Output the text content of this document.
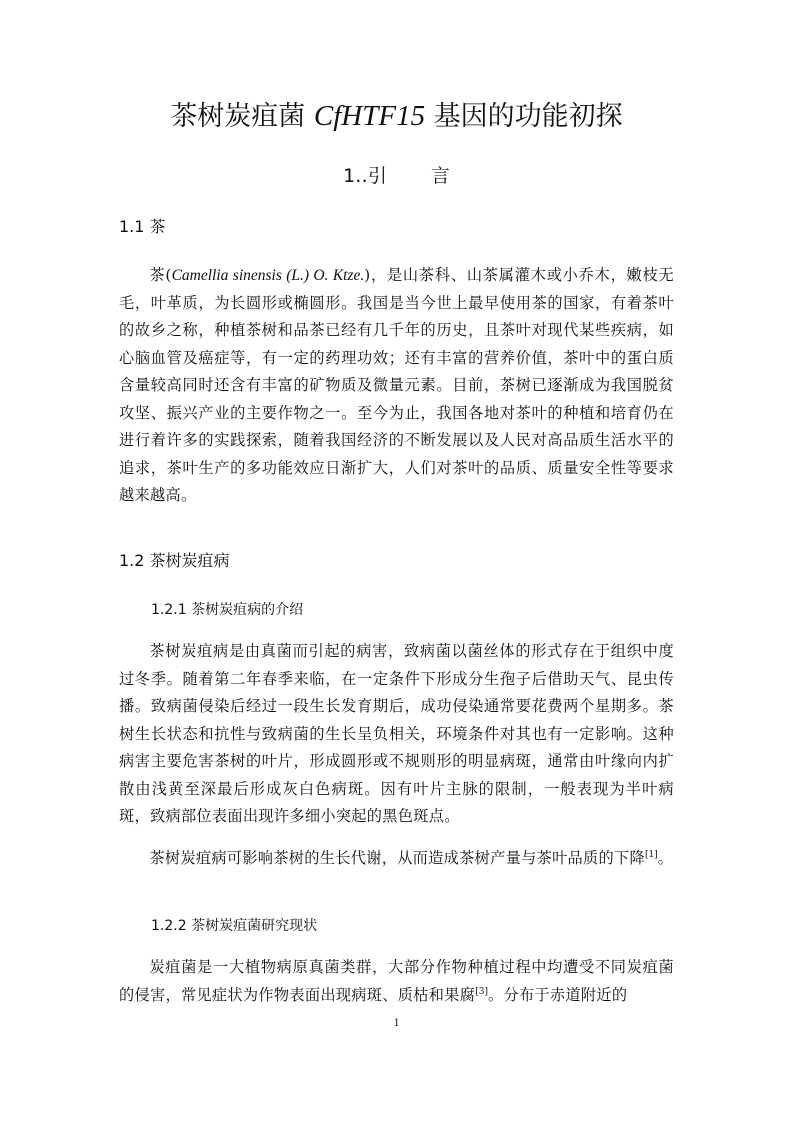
茶树炭疽菌 CfHTF15 基因的功能初探
1‥引 言
1.1 茶

茶(Camellia sinensis (L.) O. Ktze.)，是山茶科、山茶属灌木或小乔木，嫩枝无毛，叶革质，为长圆形或椭圆形。我国是当今世上最早使用茶的国家，有着茶叶的故乡之称，种植茶树和品茶已经有几千年的历史，且茶叶对现代某些疾病，如心脑血管及癌症等，有一定的药理功效；还有丰富的营养价值，茶叶中的蛋白质含量较高同时还含有丰富的矿物质及微量元素。目前，茶树已逐渐成为我国脱贫攻坚、振兴产业的主要作物之一。至今为止，我国各地对茶叶的种植和培育仍在进行着许多的实践探索，随着我国经济的不断发展以及人民对高品质生活水平的追求，茶叶生产的多功能效应日渐扩大，人们对茶叶的品质、质量安全性等要求越来越高。

1.2 茶树炭疽病
1.2.1 茶树炭疽病的介绍

茶树炭疽病是由真菌而引起的病害，致病菌以菌丝体的形式存在于组织中度过冬季。随着第二年春季来临，在一定条件下形成分生孢子后借助天气、昆虫传播。致病菌侵染后经过一段生长发育期后，成功侵染通常要花费两个星期多。茶树生长状态和抗性与致病菌的生长呈负相关，环境条件对其也有一定影响。这种病害主要危害茶树的叶片，形成圆形或不规则形的明显病斑，通常由叶缘向内扩散由浅黄至深最后形成灰白色病斑。因有叶片主脉的限制，一般表现为半叶病斑，致病部位表面出现许多细小突起的黑色斑点。

茶树炭疽病可影响茶树的生长代谢，从而造成茶树产量与茶叶品质的下降[1]。

1.2.2 茶树炭疽菌研究现状

炭疽菌是一大植物病原真菌类群，大部分作物种植过程中均遭受不同炭疽菌的侵害，常见症状为作物表面出现病斑、质枯和果腐[3]。分布于赤道附近的

1
